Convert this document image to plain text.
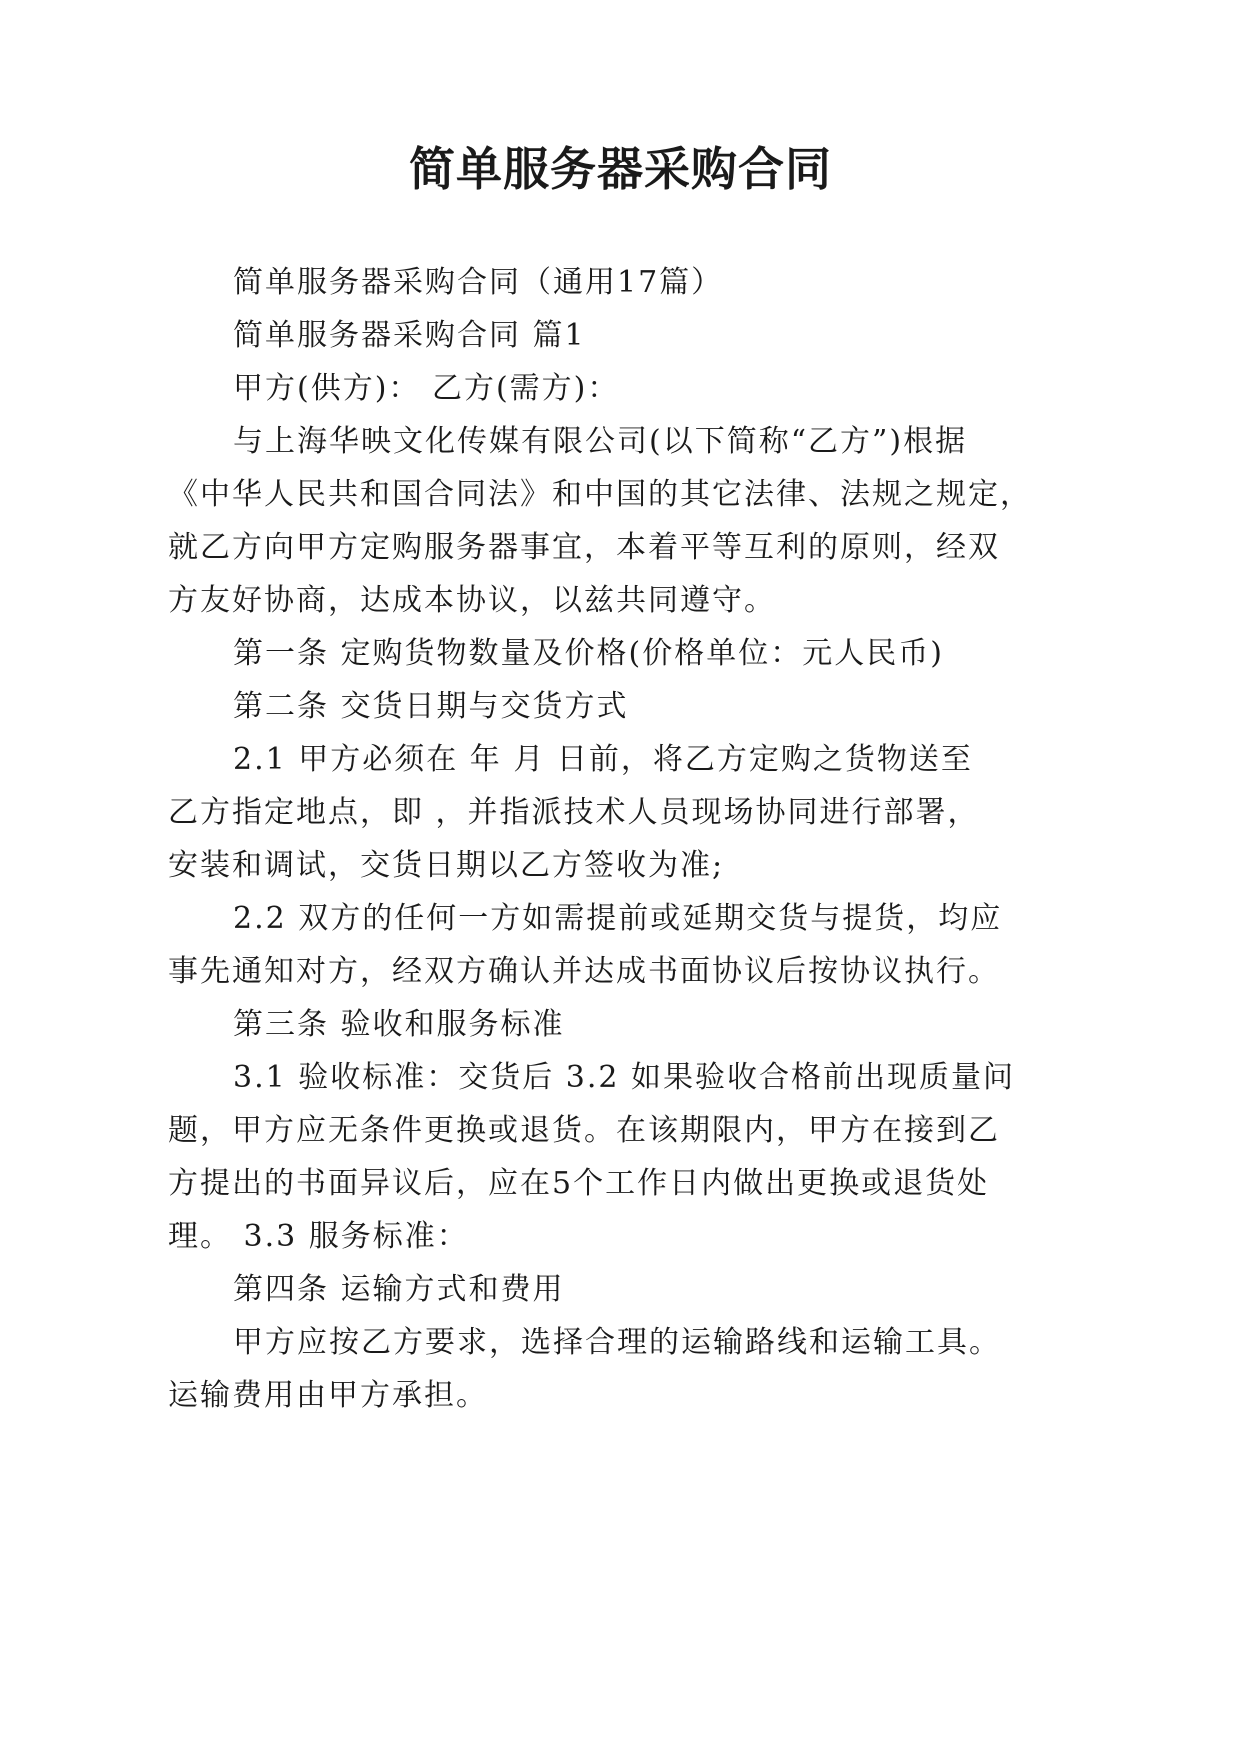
简单服务器采购合同
简单服务器采购合同（通用17篇）
简单服务器采购合同 篇1
甲方(供方)： 乙方(需方)：
与上海华映文化传媒有限公司(以下简称“乙方”)根据
《中华人民共和国合同法》和中国的其它法律、法规之规定，
就乙方向甲方定购服务器事宜，本着平等互利的原则，经双
方友好协商，达成本协议，以兹共同遵守。
第一条 定购货物数量及价格(价格单位：元人民币)
第二条 交货日期与交货方式
2.1 甲方必须在 年 月 日前，将乙方定购之货物送至
乙方指定地点，即 ，并指派技术人员现场协同进行部署，
安装和调试，交货日期以乙方签收为准;
2.2 双方的任何一方如需提前或延期交货与提货，均应
事先通知对方，经双方确认并达成书面协议后按协议执行。
第三条 验收和服务标准
3.1 验收标准：交货后 3.2 如果验收合格前出现质量问
题，甲方应无条件更换或退货。在该期限内，甲方在接到乙
方提出的书面异议后，应在5个工作日内做出更换或退货处
理。 3.3 服务标准：
第四条 运输方式和费用
甲方应按乙方要求，选择合理的运输路线和运输工具。
运输费用由甲方承担。
